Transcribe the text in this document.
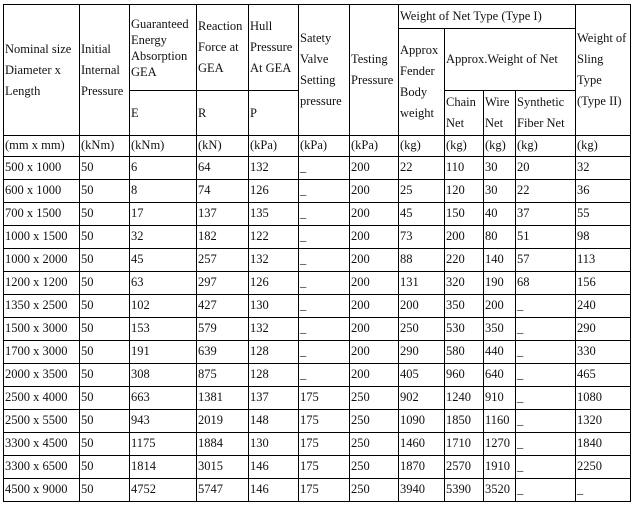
Nominal size Diameter x Length	Initial Internal Pressure	Guaranteed Energy Absorption GEA	Reaction Force at GEA	Hull Pressure At GEA	Satety Valve Setting pressure	Testing Pressure	Weight of Net Type (Type I)				Weight of Sling Type (Type II)
							Approx Fender Body weight	Approx.Weight of Net			
		E	R	P				Chain Net	Wire Net	Synthetic Fiber Net	
(mm x mm)	(kNm)	(kNm)	(kN)	(kPa)	(kPa)	(kPa)	(kg)	(kg)	(kg)	(kg)	(kg)
500 x 1000	50	6	64	132	_	200	22	110	30	20	32
600 x 1000	50	8	74	126	_	200	25	120	30	22	36
700 x 1500	50	17	137	135	_	200	45	150	40	37	55
1000 x 1500	50	32	182	122	_	200	73	200	80	51	98
1000 x 2000	50	45	257	132	_	200	88	220	140	57	113
1200 x 1200	50	63	297	126	_	200	131	320	190	68	156
1350 x 2500	50	102	427	130	_	200	200	350	200	_	240
1500 x 3000	50	153	579	132	_	200	250	530	350	_	290
1700 x 3000	50	191	639	128	_	200	290	580	440	_	330
2000 x 3500	50	308	875	128	_	200	405	960	640	_	465
2500 x 4000	50	663	1381	137	175	250	902	1240	910	_	1080
2500 x 5500	50	943	2019	148	175	250	1090	1850	1160	_	1320
3300 x 4500	50	1175	1884	130	175	250	1460	1710	1270	_	1840
3300 x 6500	50	1814	3015	146	175	250	1870	2570	1910	_	2250
4500 x 9000	50	4752	5747	146	175	250	3940	5390	3520	_	_
